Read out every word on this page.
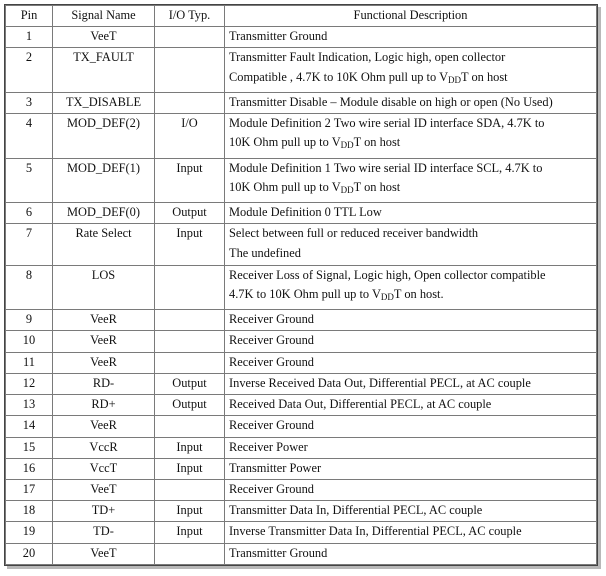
Pin	Signal Name	I/O Typ.	Functional Description
1	VeeT		Transmitter Ground

2	TX_FAULT		Transmitter Fault Indication, Logic high, open collector
Compatible , 4.7K to 10K Ohm pull up to $V_{DD}T$ on host

3	TX_DISABLE		Transmitter Disable – Module disable on high or open (No Used)

4	MOD_DEF(2)	I/O	Module Definition 2 Two wire serial ID interface SDA, 4.7K to
10K Ohm pull up to $V_{DD}T$ on host

5	MOD_DEF(1)	Input	Module Definition 1 Two wire serial ID interface SCL, 4.7K to
10K Ohm pull up to $V_{DD}T$ on host

6	MOD_DEF(0)	Output	Module Definition 0 TTL Low

7	Rate Select	Input	Select between full or reduced receiver bandwidth
The undefined

8	LOS		Receiver Loss of Signal, Logic high, Open collector compatible
4.7K to 10K Ohm pull up to $V_{DD}T$ on host.

9	VeeR		Receiver Ground

10	VeeR		Receiver Ground

11	VeeR		Receiver Ground

12	RD-	Output	Inverse Received Data Out, Differential PECL, at AC couple

13	RD+	Output	Received Data Out, Differential PECL, at AC couple

14	VeeR		Receiver Ground

15	VccR	Input	Receiver Power

16	VccT	Input	Transmitter Power

17	VeeT		Receiver Ground

18	TD+	Input	Transmitter Data In, Differential PECL, AC couple

19	TD-	Input	Inverse Transmitter Data In, Differential PECL, AC couple

20	VeeT		Transmitter Ground
